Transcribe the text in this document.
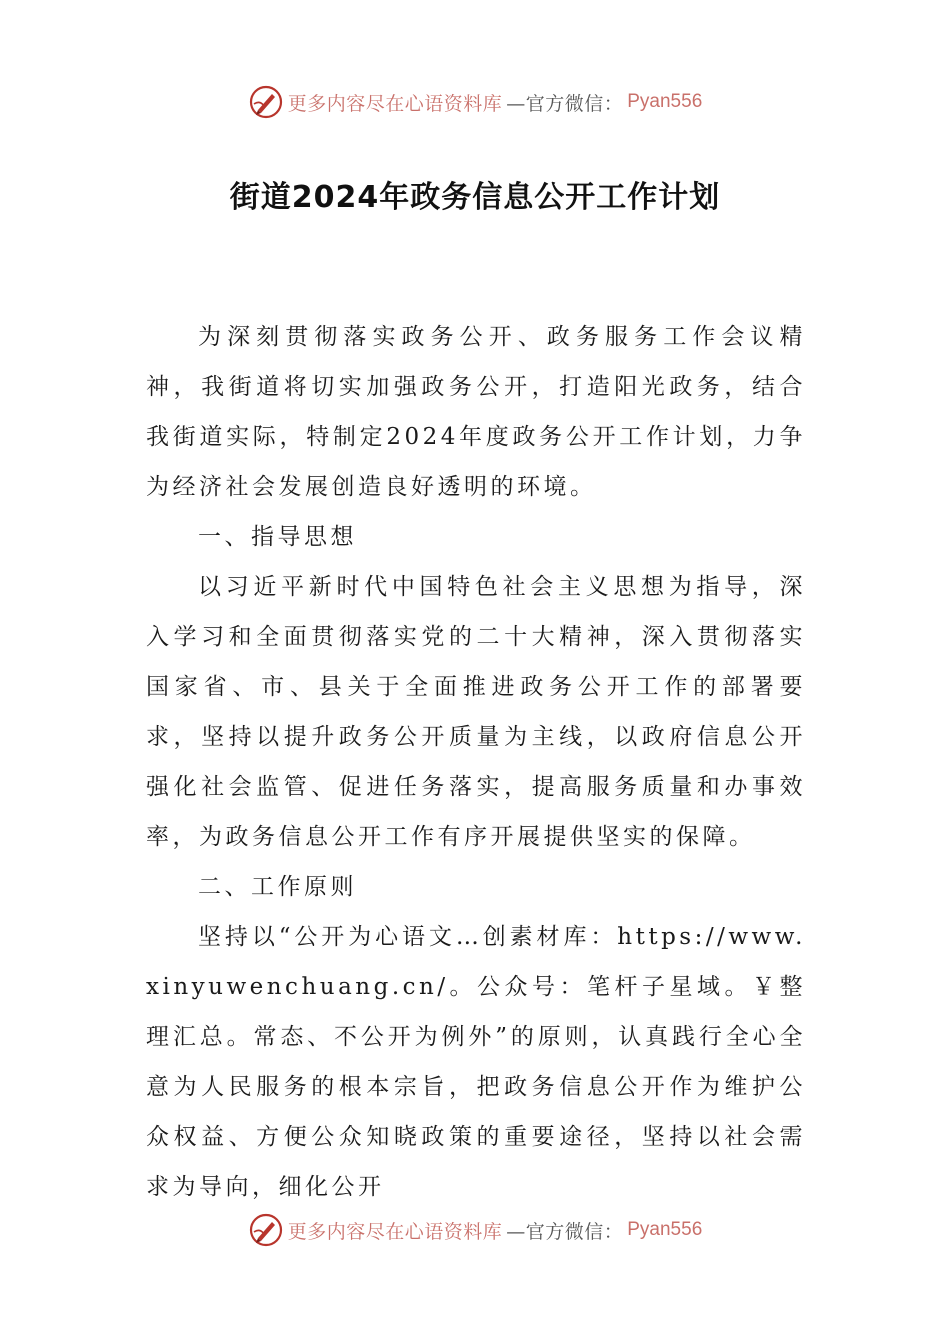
更多内容尽在心语资料库 —官方微信： Pyan556
街道2024年政务信息公开工作计划

为深刻贯彻落实政务公开、政务服务工作会议精神，我街道将切实加强政务公开，打造阳光政务，结合我街道实际，特制定2024年度政务公开工作计划，力争为经济社会发展创造良好透明的环境。

一、指导思想

以习近平新时代中国特色社会主义思想为指导，深入学习和全面贯彻落实党的二十大精神，深入贯彻落实国家省、市、县关于全面推进政务公开工作的部署要求，坚持以提升政务公开质量为主线，以政府信息公开强化社会监管、促进任务落实，提高服务质量和办事效率，为政务信息公开工作有序开展提供坚实的保障。

二、工作原则

坚持以“公开为心语文…创素材库：https://www.xinyuwenchuang.cn/。公众号：笔杆子星域。￥整理汇总。常态、不公开为例外”的原则，认真践行全心全意为人民服务的根本宗旨，把政务信息公开作为维护公众权益、方便公众知晓政策的重要途径，坚持以社会需求为导向，细化公开

更多内容尽在心语资料库 —官方微信： Pyan556
